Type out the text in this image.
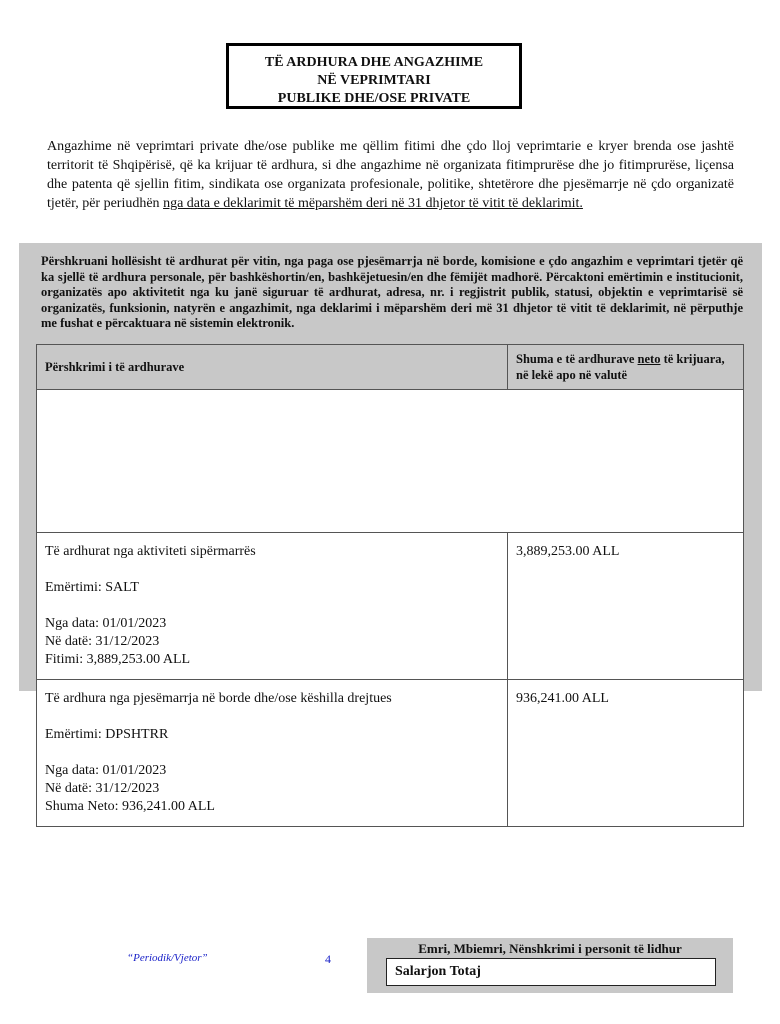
TË ARDHURA DHE ANGAZHIME
NË VEPRIMTARI
PUBLIKE DHE/OSE PRIVATE
Angazhime në veprimtari private dhe/ose publike me qëllim fitimi dhe çdo lloj veprimtarie e kryer brenda ose jashtë territorit të Shqipërisë, që ka krijuar të ardhura, si dhe angazhime në organizata fitimprurëse dhe jo fitimprurëse, liçensa dhe patenta që sjellin fitim, sindikata ose organizata profesionale, politike, shtetërore dhe pjesëmarrje në çdo organizatë tjetër, për periudhën nga data e deklarimit të mëparshëm deri në 31 dhjetor të vitit të deklarimit.
Përshkruani hollësisht të ardhurat për vitin, nga paga ose pjesëmarrja në borde, komisione e çdo angazhim e veprimtari tjetër që ka sjellë të ardhura personale, për bashkëshortin/en, bashkëjetuesin/en dhe fëmijët madhorë. Përcaktoni emërtimin e institucionit, organizatës apo aktivitetit nga ku janë siguruar të ardhurat, adresa, nr. i regjistrit publik, statusi, objektin e veprimtarisë së organizatës, funksionin, natyrën e angazhimit, nga deklarimi i mëparshëm deri më 31 dhjetor të vitit të deklarimit, në përputhje me fushat e përcaktuara në sistemin elektronik.
Përshkrimi i të ardhurave	Shuma e të ardhurave neto të krijuara, në lekë apo në valutë

Të ardhurat nga aktiviteti sipërmarrës
Emërtimi: SALT
Nga data: 01/01/2023
Në datë: 31/12/2023
Fitimi: 3,889,253.00 ALL	3,889,253.00 ALL

Të ardhura nga pjesëmarrja në borde dhe/ose këshilla drejtues
Emërtimi: DPSHTRR
Nga data: 01/01/2023
Në datë: 31/12/2023
Shuma Neto: 936,241.00 ALL	936,241.00 ALL
“Periodik/Vjetor”	4
Emri, Mbiemri, Nënshkrimi i personit të lidhur
Salarjon Totaj
